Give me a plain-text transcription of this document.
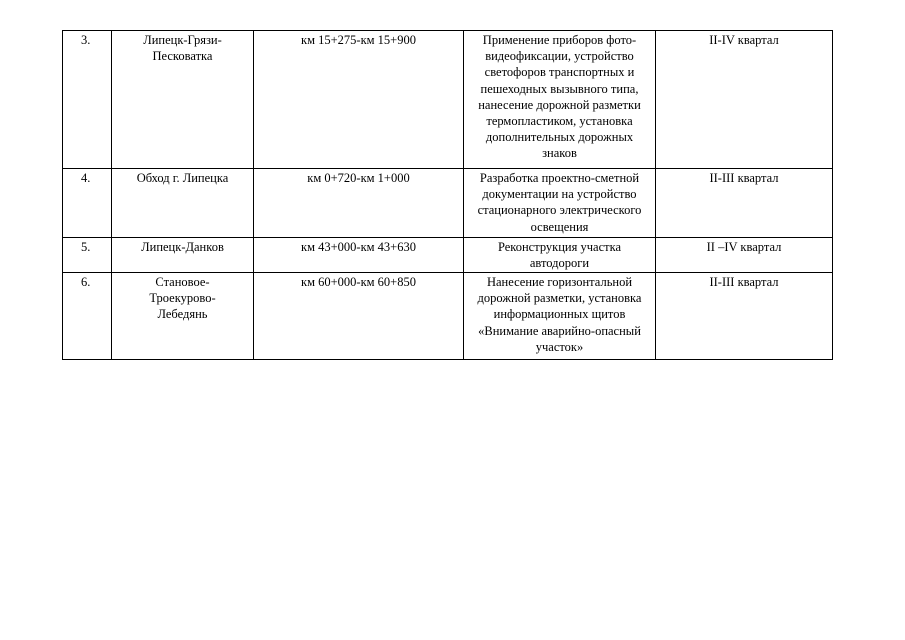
3.	Липецк-Грязи-Песковатка	км 15+275-км 15+900	Применение приборов фото-видеофиксации, устройство светофоров транспортных и пешеходных вызывного типа, нанесение дорожной разметки термопластиком, установка дополнительных дорожных знаков	II-IV квартал
4.	Обход г. Липецка	км 0+720-км 1+000	Разработка проектно-сметной документации на устройство стационарного электрического освещения	II-III квартал
5.	Липецк-Данков	км 43+000-км 43+630	Реконструкция участка автодороги	II –IV квартал
6.	Становое-Троекурово-Лебедянь	км 60+000-км 60+850	Нанесение горизонтальной дорожной разметки, установка информационных щитов «Внимание аварийно-опасный участок»	II-III квартал
